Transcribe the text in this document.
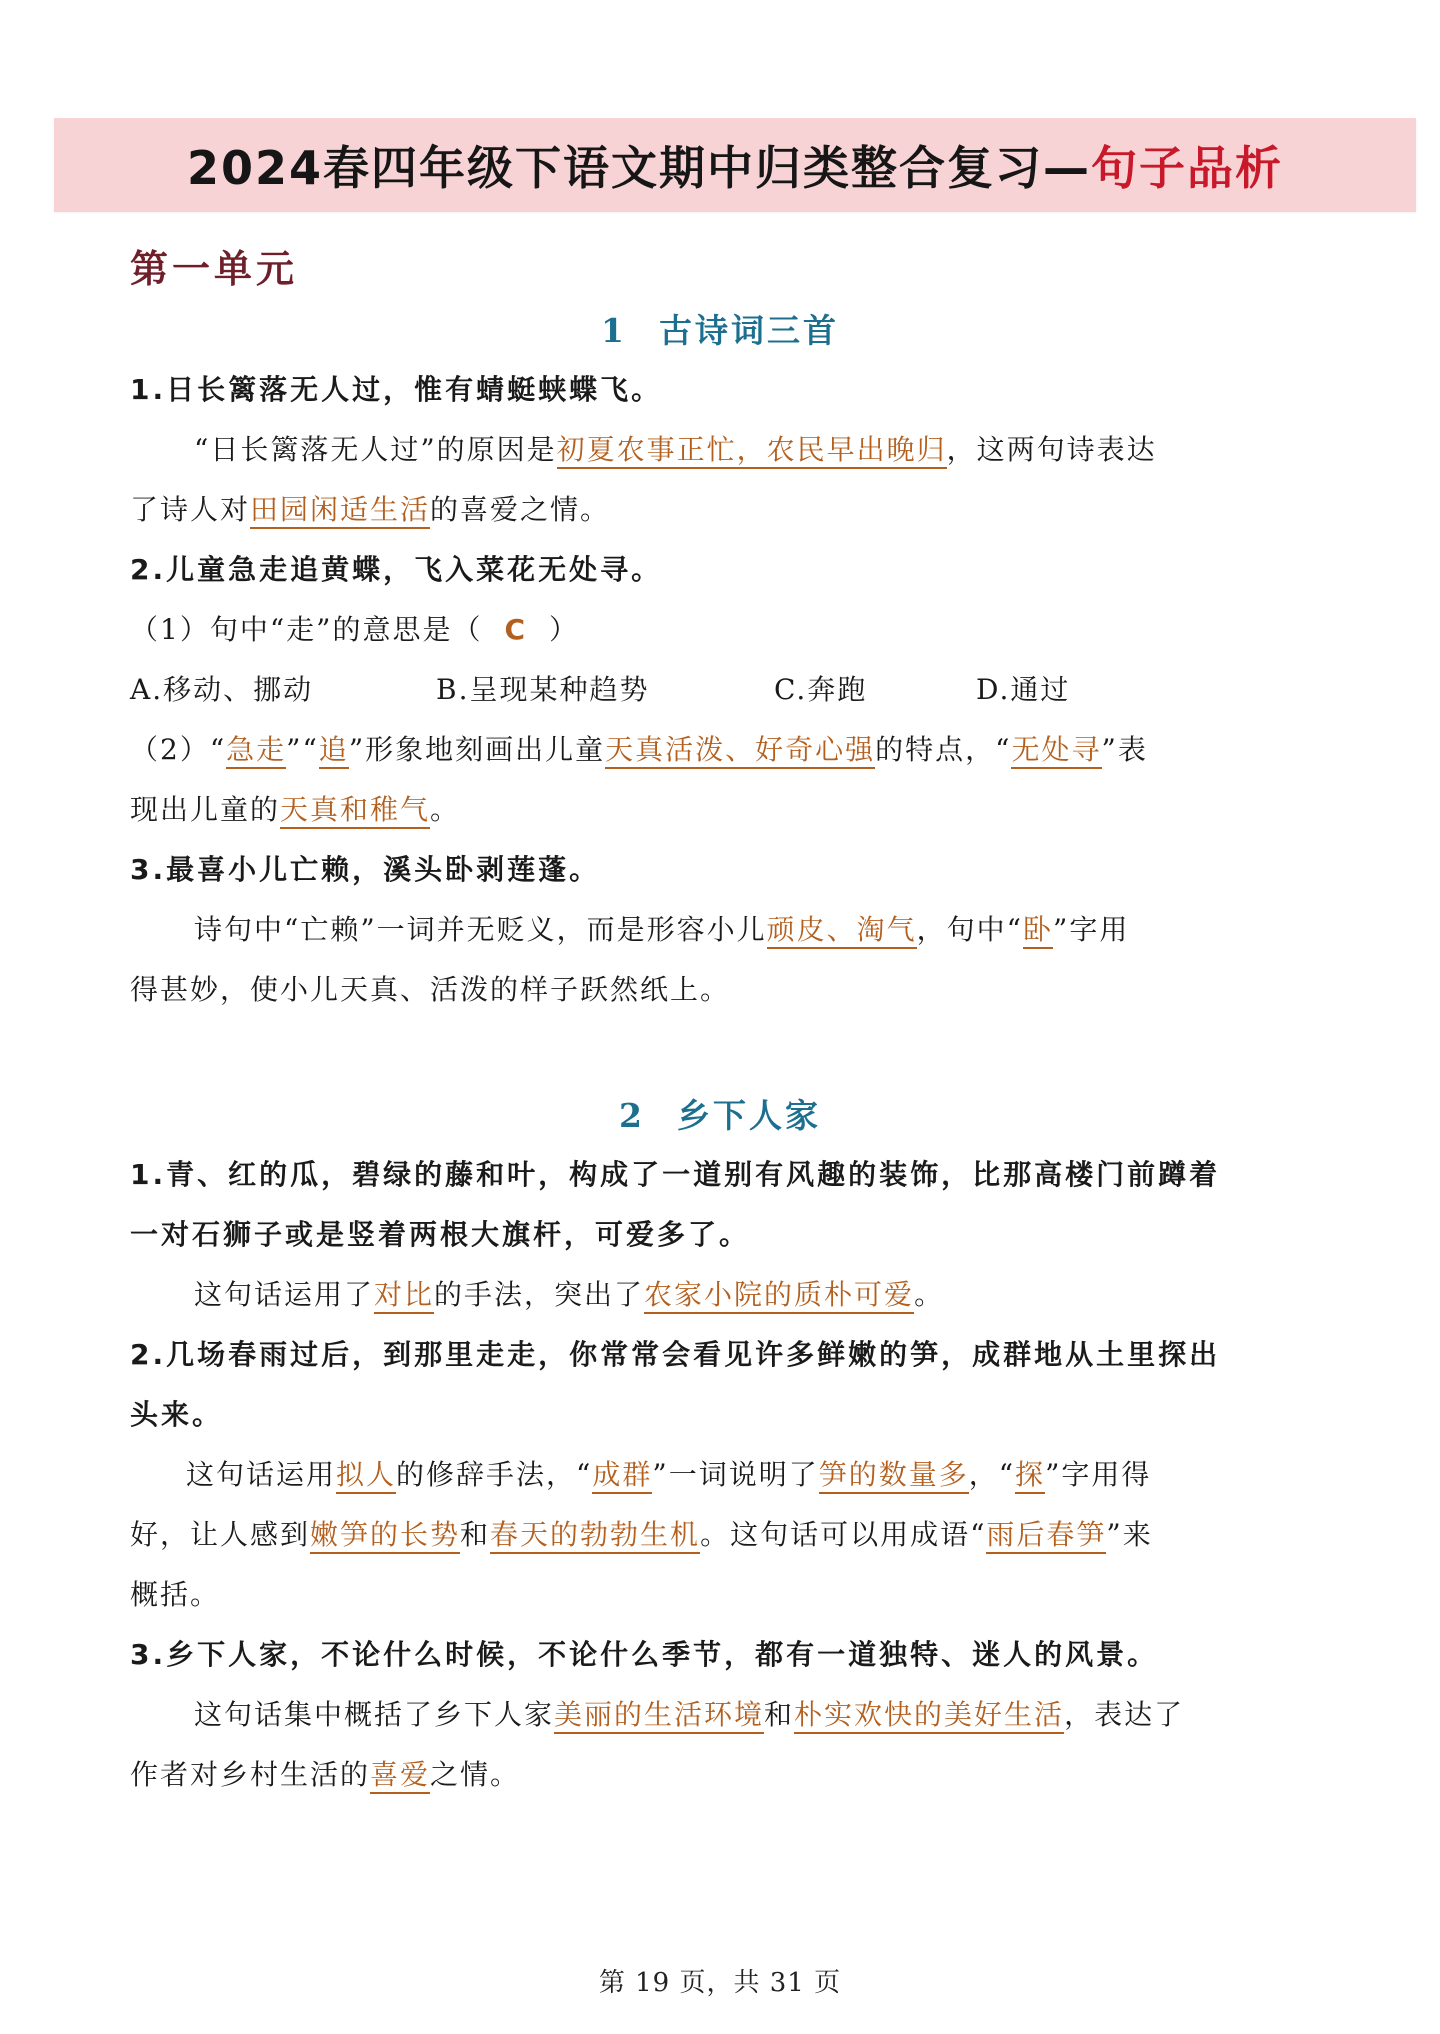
2024春四年级下语文期中归类整合复习—句子品析
第一单元
1 古诗词三首
1.日长篱落无人过，惟有蜻蜓蛱蝶飞。
“日长篱落无人过”的原因是初夏农事正忙，农民早出晚归，这两句诗表达
了诗人对田园闲适生活的喜爱之情。
2.儿童急走追黄蝶，飞入菜花无处寻。
（1）句中“走”的意思是（ C ）
A.移动、挪动	B.呈现某种趋势	C.奔跑	D.通过
（2）“急走”“追”形象地刻画出儿童天真活泼、好奇心强的特点，“无处寻”表
现出儿童的天真和稚气。
3.最喜小儿亡赖，溪头卧剥莲蓬。
诗句中“亡赖”一词并无贬义，而是形容小儿顽皮、淘气，句中“卧”字用
得甚妙，使小儿天真、活泼的样子跃然纸上。
2 乡下人家
1.青、红的瓜，碧绿的藤和叶，构成了一道别有风趣的装饰，比那高楼门前蹲着
一对石狮子或是竖着两根大旗杆，可爱多了。
这句话运用了对比的手法，突出了农家小院的质朴可爱。
2.几场春雨过后，到那里走走，你常常会看见许多鲜嫩的笋，成群地从土里探出
头来。
这句话运用拟人的修辞手法，“成群”一词说明了笋的数量多，“探”字用得
好，让人感到嫩笋的长势和春天的勃勃生机。这句话可以用成语“雨后春笋”来
概括。
3.乡下人家，不论什么时候，不论什么季节，都有一道独特、迷人的风景。
这句话集中概括了乡下人家美丽的生活环境和朴实欢快的美好生活，表达了
作者对乡村生活的喜爱之情。
第 19 页，共 31 页
